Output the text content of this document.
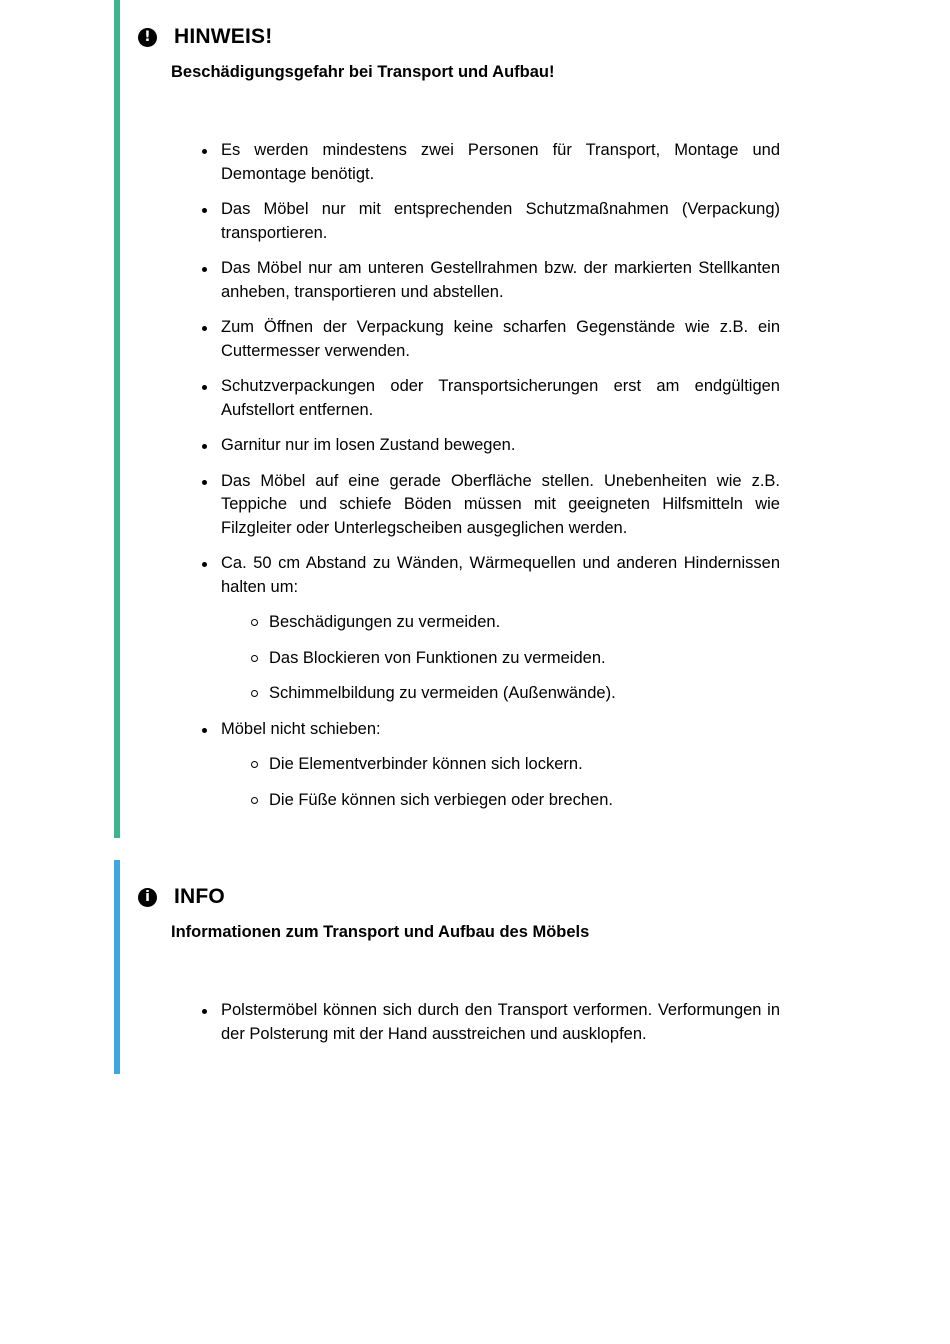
!	HINWEIS!
Beschädigungsgefahr bei Transport und Aufbau!
Es werden mindestens zwei Personen für Transport, Montage und Demontage benötigt.
Das Möbel nur mit entsprechenden Schutzmaßnahmen (Verpackung) transportieren.
Das Möbel nur am unteren Gestellrahmen bzw. der markierten Stellkanten anheben, transportieren und abstellen.
Zum Öffnen der Verpackung keine scharfen Gegenstände wie z.B. ein Cuttermesser verwenden.
Schutzverpackungen oder Transportsicherungen erst am endgültigen Aufstellort entfernen.
Garnitur nur im losen Zustand bewegen.
Das Möbel auf eine gerade Oberfläche stellen. Unebenheiten wie z.B. Teppiche und schiefe Böden müssen mit geeigneten Hilfsmitteln wie Filzgleiter oder Unterlegscheiben ausgeglichen werden.
Ca. 50 cm Abstand zu Wänden, Wärmequellen und anderen Hindernissen halten um:
Beschädigungen zu vermeiden.
Das Blockieren von Funktionen zu vermeiden.
Schimmelbildung zu vermeiden (Außenwände).
Möbel nicht schieben:
Die Elementverbinder können sich lockern.
Die Füße können sich verbiegen oder brechen.
i	INFO
Informationen zum Transport und Aufbau des Möbels
Polstermöbel können sich durch den Transport verformen. Verformungen in der Polsterung mit der Hand ausstreichen und ausklopfen.
